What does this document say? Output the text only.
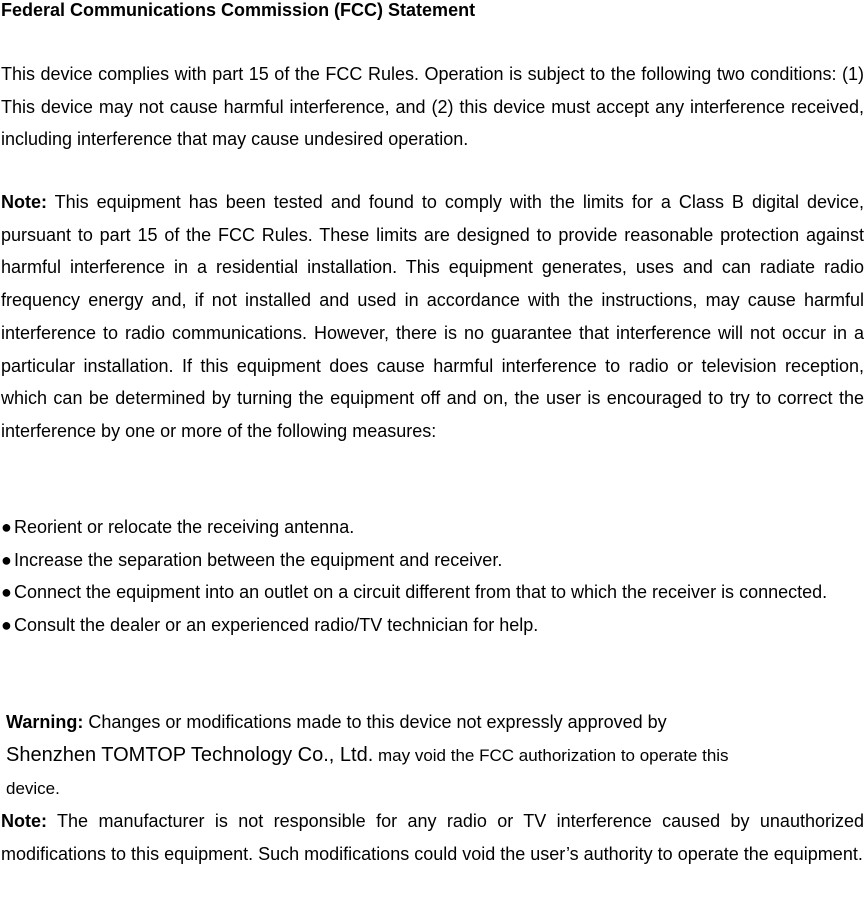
Federal Communications Commission (FCC) Statement

This device complies with part 15 of the FCC Rules. Operation is subject to the following two conditions: (1) This device may not cause harmful interference, and (2) this device must accept any interference received, including interference that may cause undesired operation.

Note: This equipment has been tested and found to comply with the limits for a Class B digital device, pursuant to part 15 of the FCC Rules. These limits are designed to provide reasonable protection against harmful interference in a residential installation. This equipment generates, uses and can radiate radio frequency energy and, if not installed and used in accordance with the instructions, may cause harmful interference to radio communications. However, there is no guarantee that interference will not occur in a particular installation. If this equipment does cause harmful interference to radio or television reception, which can be determined by turning the equipment off and on, the user is encouraged to try to correct the interference by one or more of the following measures:

● Reorient or relocate the receiving antenna.
● Increase the separation between the equipment and receiver.
● Connect the equipment into an outlet on a circuit different from that to which the receiver is connected.
● Consult the dealer or an experienced radio/TV technician for help.

Warning: Changes or modifications made to this device not expressly approved by
Shenzhen TOMTOP Technology Co., Ltd. may void the FCC authorization to operate this
device.

Note: The manufacturer is not responsible for any radio or TV interference caused by unauthorized modifications to this equipment. Such modifications could void the user’s authority to operate the equipment.
